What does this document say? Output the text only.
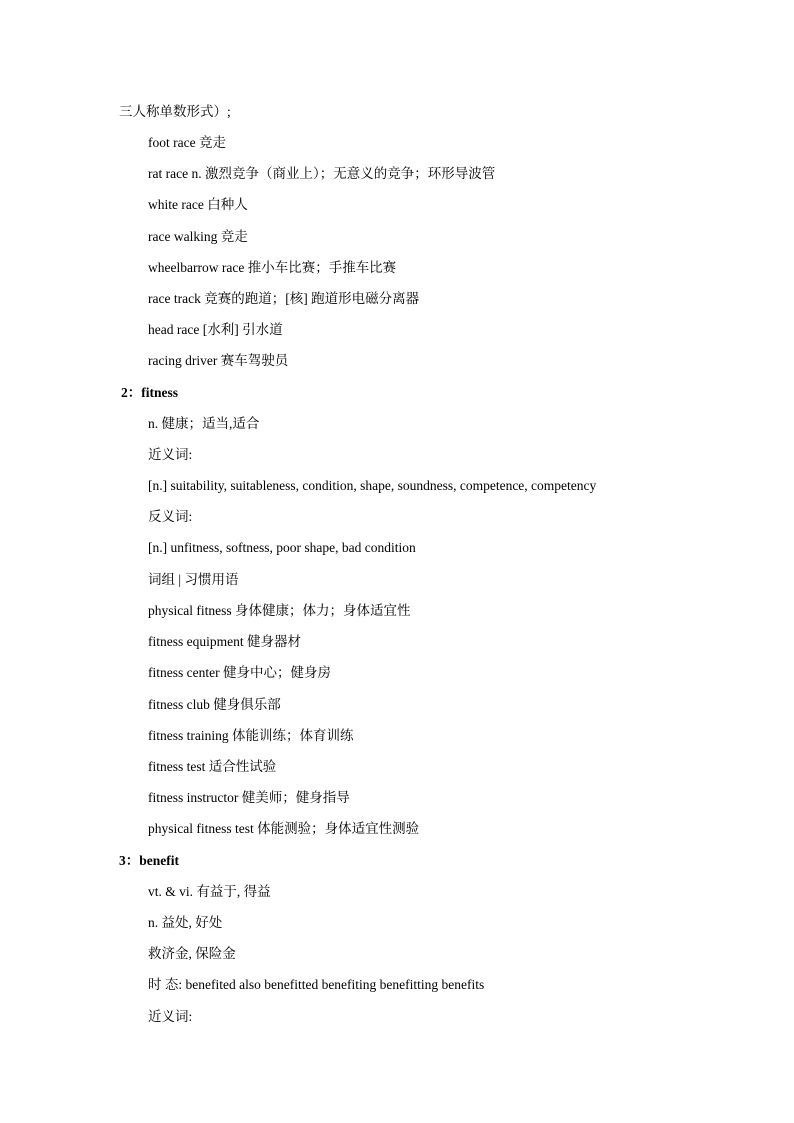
三人称单数形式）;
foot race 竞走
rat race n. 激烈竞争（商业上）；无意义的竞争；环形导波管
white race 白种人
race walking 竞走
wheelbarrow race 推小车比赛；手推车比赛
race track 竞赛的跑道；[核] 跑道形电磁分离器
head race [水利] 引水道
racing driver 赛车驾驶员
2：fitness
n. 健康；适当,适合
近义词:
[n.] suitability, suitableness, condition, shape, soundness, competence, competency
反义词:
[n.] unfitness, softness, poor shape, bad condition
词组 | 习惯用语
physical fitness 身体健康；体力；身体适宜性
fitness equipment 健身器材
fitness center 健身中心；健身房
fitness club 健身俱乐部
fitness training 体能训练；体育训练
fitness test 适合性试验
fitness instructor 健美师；健身指导
physical fitness test 体能测验；身体适宜性测验
3：benefit
vt. & vi. 有益于, 得益
n. 益处, 好处
救济金, 保险金
时 态: benefited also benefitted benefiting benefitting benefits
近义词:
